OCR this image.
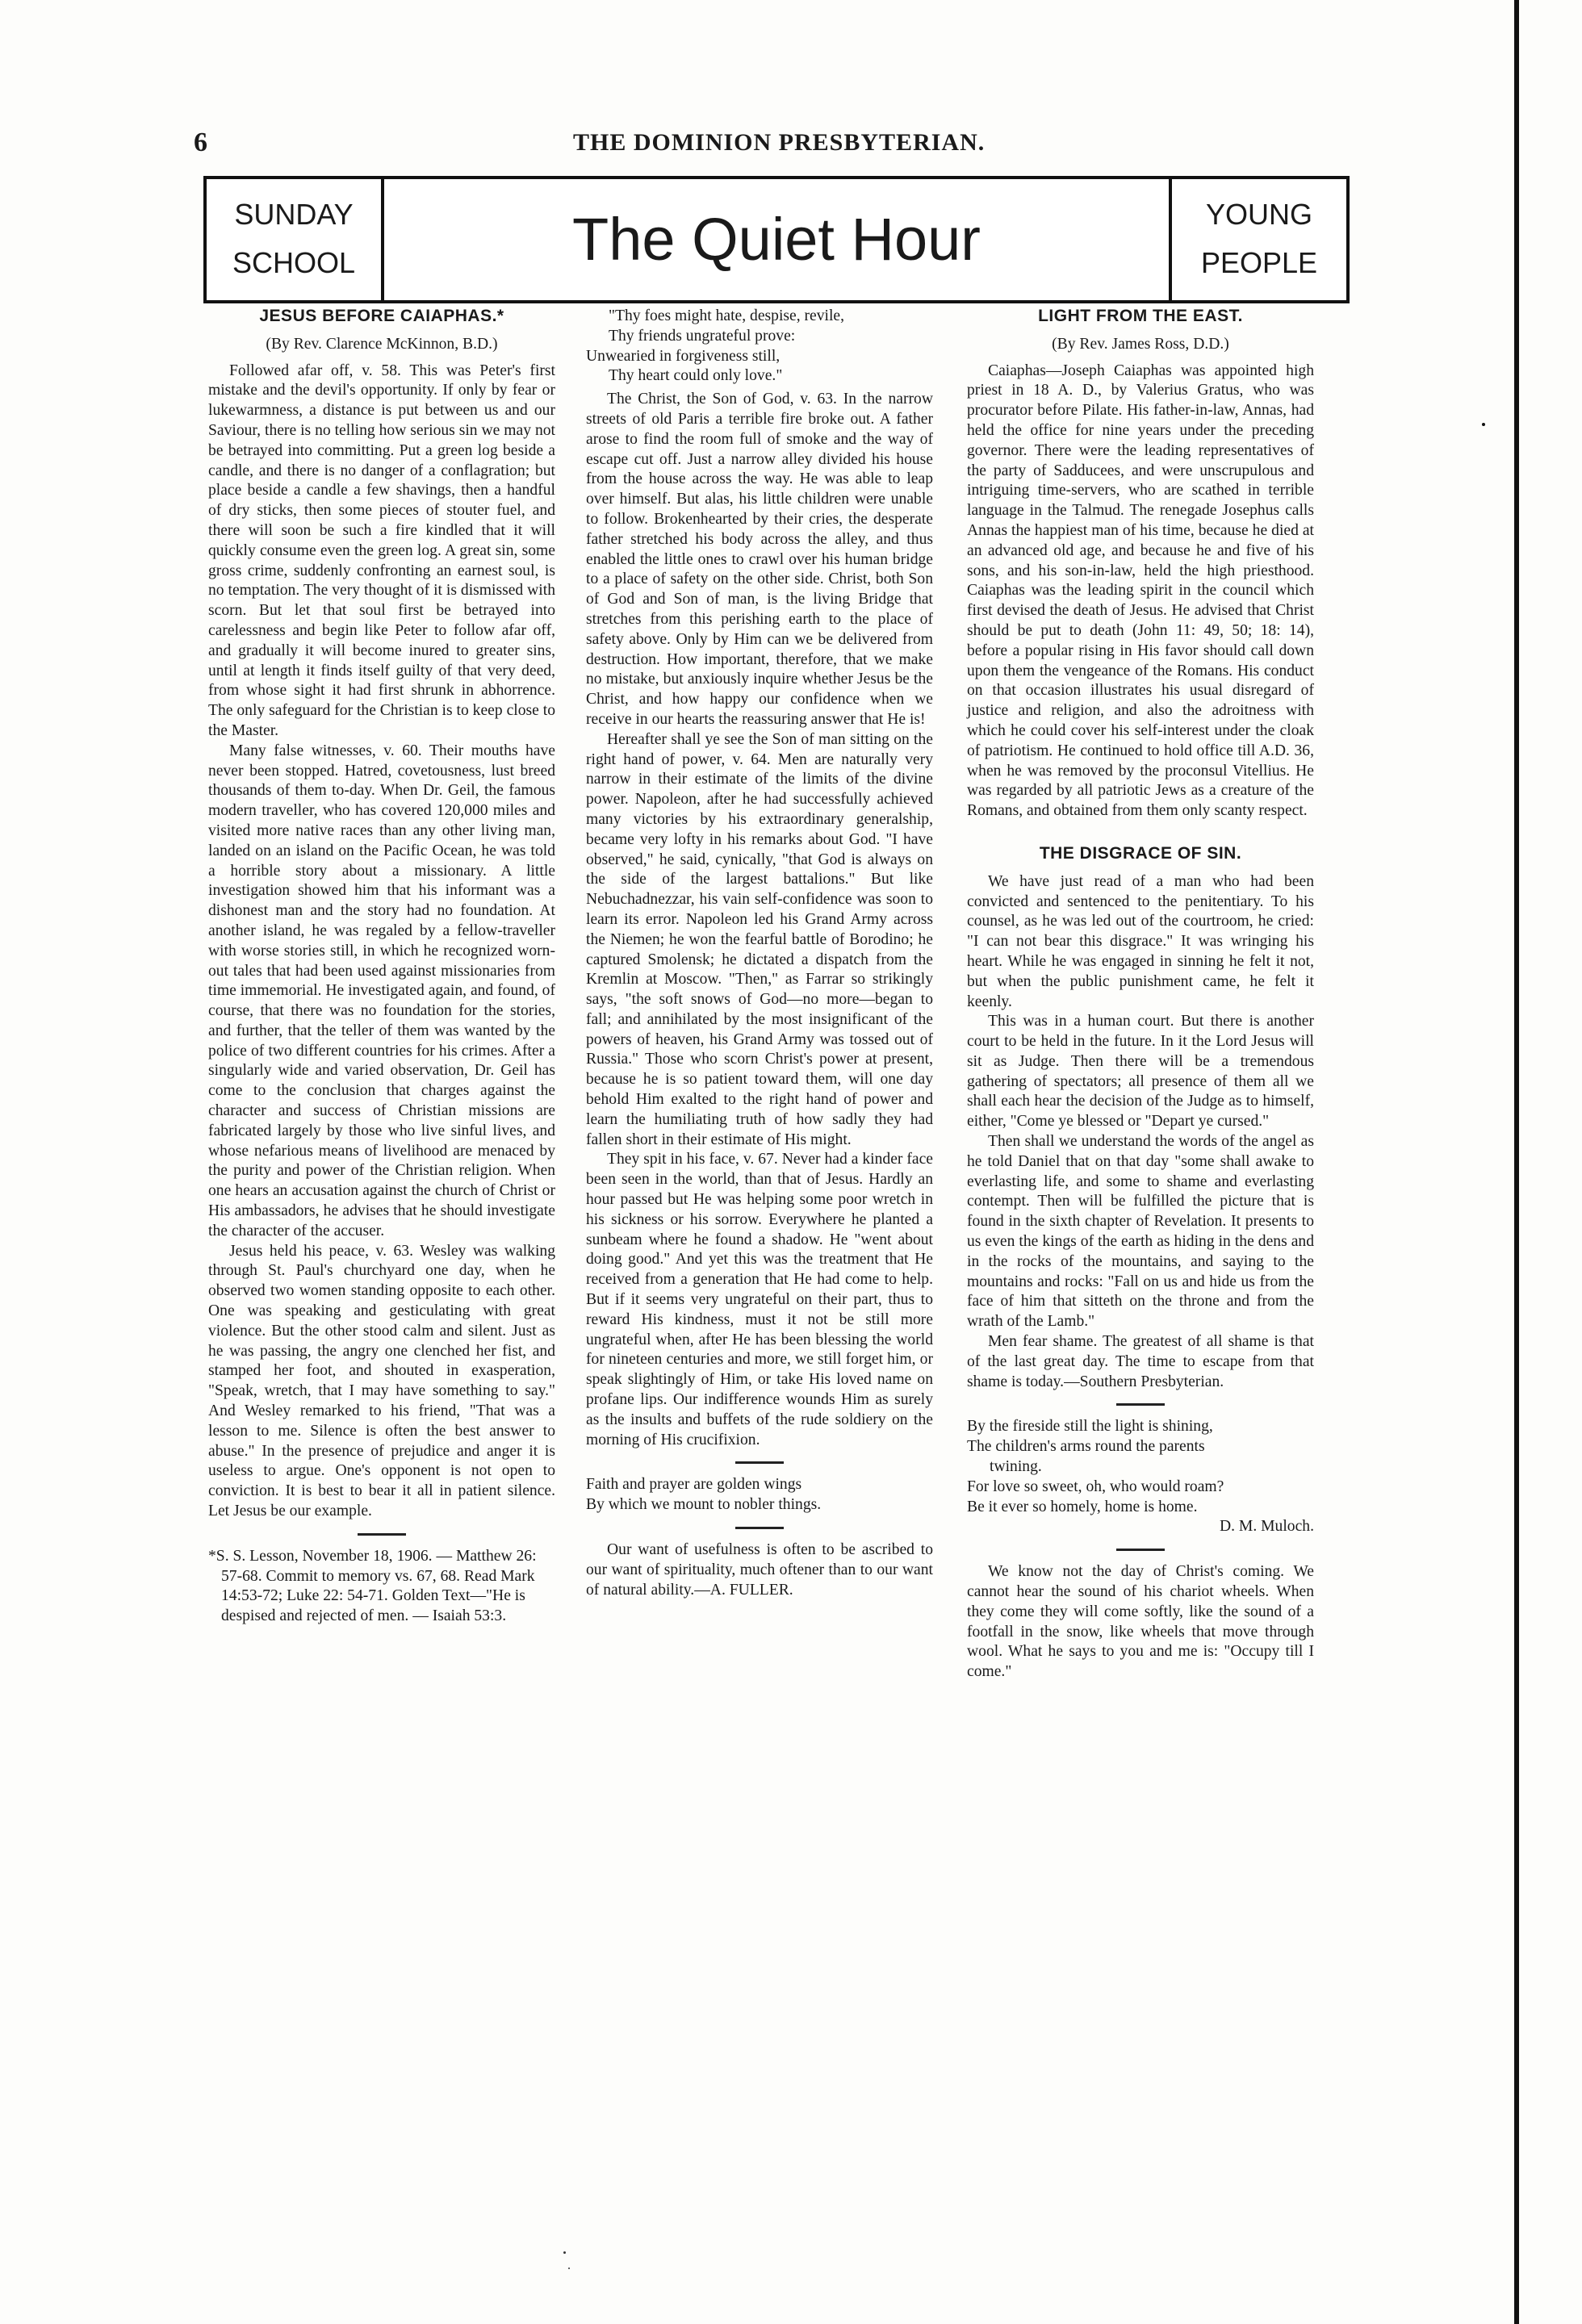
6	THE DOMINION PRESBYTERIAN.
SUNDAY
SCHOOL	The Quiet Hour	YOUNG
PEOPLE
JESUS BEFORE CAIAPHAS.*
(By Rev. Clarence McKinnon, B.D.)

Followed afar off, v. 58. This was Peter's first mistake and the devil's opportunity. If only by fear or lukewarmness, a distance is put between us and our Saviour, there is no telling how serious sin we may not be betrayed into committing. Put a green log beside a candle, and there is no danger of a conflagration; but place beside a candle a few shavings, then a handful of dry sticks, then some pieces of stouter fuel, and there will soon be such a fire kindled that it will quickly consume even the green log. A great sin, some gross crime, suddenly confronting an earnest soul, is no temptation. The very thought of it is dismissed with scorn. But let that soul first be betrayed into carelessness and begin like Peter to follow afar off, and gradually it will become inured to greater sins, until at length it finds itself guilty of that very deed, from whose sight it had first shrunk in abhorrence. The only safeguard for the Christian is to keep close to the Master.

Many false witnesses, v. 60. Their mouths have never been stopped. Hatred, covetousness, lust breed thousands of them to-day. When Dr. Geil, the famous modern traveller, who has covered 120,000 miles and visited more native races than any other living man, landed on an island on the Pacific Ocean, he was told a horrible story about a missionary. A little investigation showed him that his informant was a dishonest man and the story had no foundation. At another island, he was regaled by a fellow-traveller with worse stories still, in which he recognized worn-out tales that had been used against missionaries from time immemorial. He investigated again, and found, of course, that there was no foundation for the stories, and further, that the teller of them was wanted by the police of two different countries for his crimes. After a singularly wide and varied observation, Dr. Geil has come to the conclusion that charges against the character and success of Christian missions are fabricated largely by those who live sinful lives, and whose nefarious means of livelihood are menaced by the purity and power of the Christian religion. When one hears an accusation against the church of Christ or His ambassadors, he advises that he should investigate the character of the accuser.

Jesus held his peace, v. 63. Wesley was walking through St. Paul's churchyard one day, when he observed two women standing opposite to each other. One was speaking and gesticulating with great violence. But the other stood calm and silent. Just as he was passing, the angry one clenched her fist, and stamped her foot, and shouted in exasperation, "Speak, wretch, that I may have something to say." And Wesley remarked to his friend, "That was a lesson to me. Silence is often the best answer to abuse." In the presence of prejudice and anger it is useless to argue. One's opponent is not open to conviction. It is best to bear it all in patient silence. Let Jesus be our example.

*S. S. Lesson, November 18, 1906. — Matthew 26: 57-68. Commit to memory vs. 67, 68. Read Mark 14:53-72; Luke 22: 54-71. Golden Text—"He is despised and rejected of men. — Isaiah 53:3.

"Thy foes might hate, despise, revile,
Thy friends ungrateful prove:
Unwearied in forgiveness still,
Thy heart could only love."

The Christ, the Son of God, v. 63. In the narrow streets of old Paris a terrible fire broke out. A father arose to find the room full of smoke and the way of escape cut off. Just a narrow alley divided his house from the house across the way. He was able to leap over himself. But alas, his little children were unable to follow. Brokenhearted by their cries, the desperate father stretched his body across the alley, and thus enabled the little ones to crawl over his human bridge to a place of safety on the other side. Christ, both Son of God and Son of man, is the living Bridge that stretches from this perishing earth to the place of safety above. Only by Him can we be delivered from destruction. How important, therefore, that we make no mistake, but anxiously inquire whether Jesus be the Christ, and how happy our confidence when we receive in our hearts the reassuring answer that He is!

Hereafter shall ye see the Son of man sitting on the right hand of power, v. 64. Men are naturally very narrow in their estimate of the limits of the divine power. Napoleon, after he had successfully achieved many victories by his extraordinary generalship, became very lofty in his remarks about God. "I have observed," he said, cynically, "that God is always on the side of the largest battalions." But like Nebuchadnezzar, his vain self-confidence was soon to learn its error. Napoleon led his Grand Army across the Niemen; he won the fearful battle of Borodino; he captured Smolensk; he dictated a dispatch from the Kremlin at Moscow. "Then," as Farrar so strikingly says, "the soft snows of God—no more—began to fall; and annihilated by the most insignificant of the powers of heaven, his Grand Army was tossed out of Russia." Those who scorn Christ's power at present, because he is so patient toward them, will one day behold Him exalted to the right hand of power and learn the humiliating truth of how sadly they had fallen short in their estimate of His might.

They spit in his face, v. 67. Never had a kinder face been seen in the world, than that of Jesus. Hardly an hour passed but He was helping some poor wretch in his sickness or his sorrow. Everywhere he planted a sunbeam where he found a shadow. He "went about doing good." And yet this was the treatment that He received from a generation that He had come to help. But if it seems very ungrateful on their part, thus to reward His kindness, must it not be still more ungrateful when, after He has been blessing the world for nineteen centuries and more, we still forget him, or speak slightingly of Him, or take His loved name on profane lips. Our indifference wounds Him as surely as the insults and buffets of the rude soldiery on the morning of His crucifixion.

Faith and prayer are golden wings
By which we mount to nobler things.

Our want of usefulness is often to be ascribed to our want of spirituality, much oftener than to our want of natural ability.—A. FULLER.

LIGHT FROM THE EAST.
(By Rev. James Ross, D.D.)

Caiaphas—Joseph Caiaphas was appointed high priest in 18 A. D., by Valerius Gratus, who was procurator before Pilate. His father-in-law, Annas, had held the office for nine years under the preceding governor. There were the leading representatives of the party of Sadducees, and were unscrupulous and intriguing time-servers, who are scathed in terrible language in the Talmud. The renegade Josephus calls Annas the happiest man of his time, because he died at an advanced old age, and because he and five of his sons, and his son-in-law, held the high priesthood. Caiaphas was the leading spirit in the council which first devised the death of Jesus. He advised that Christ should be put to death (John 11: 49, 50; 18: 14), before a popular rising in His favor should call down upon them the vengeance of the Romans. His conduct on that occasion illustrates his usual disregard of justice and religion, and also the adroitness with which he could cover his self-interest under the cloak of patriotism. He continued to hold office till A.D. 36, when he was removed by the proconsul Vitellius. He was regarded by all patriotic Jews as a creature of the Romans, and obtained from them only scanty respect.

THE DISGRACE OF SIN.

We have just read of a man who had been convicted and sentenced to the penitentiary. To his counsel, as he was led out of the courtroom, he cried: "I can not bear this disgrace." It was wringing his heart. While he was engaged in sinning he felt it not, but when the public punishment came, he felt it keenly.

This was in a human court. But there is another court to be held in the future. In it the Lord Jesus will sit as Judge. Then there will be a tremendous gathering of spectators; all presence of them all we shall each hear the decision of the Judge as to himself, either, "Come ye blessed or "Depart ye cursed."

Then shall we understand the words of the angel as he told Daniel that on that day "some shall awake to everlasting life, and some to shame and everlasting contempt. Then will be fulfilled the picture that is found in the sixth chapter of Revelation. It presents to us even the kings of the earth as hiding in the dens and in the rocks of the mountains, and saying to the mountains and rocks: "Fall on us and hide us from the face of him that sitteth on the throne and from the wrath of the Lamb."

Men fear shame. The greatest of all shame is that of the last great day. The time to escape from that shame is today.—Southern Presbyterian.

By the fireside still the light is shining,
The children's arms round the parents
twining.
For love so sweet, oh, who would roam?
Be it ever so homely, home is home.
D. M. Muloch.

We know not the day of Christ's coming. We cannot hear the sound of his chariot wheels. When they come they will come softly, like the sound of a footfall in the snow, like wheels that move through wool. What he says to you and me is: "Occupy till I come."
